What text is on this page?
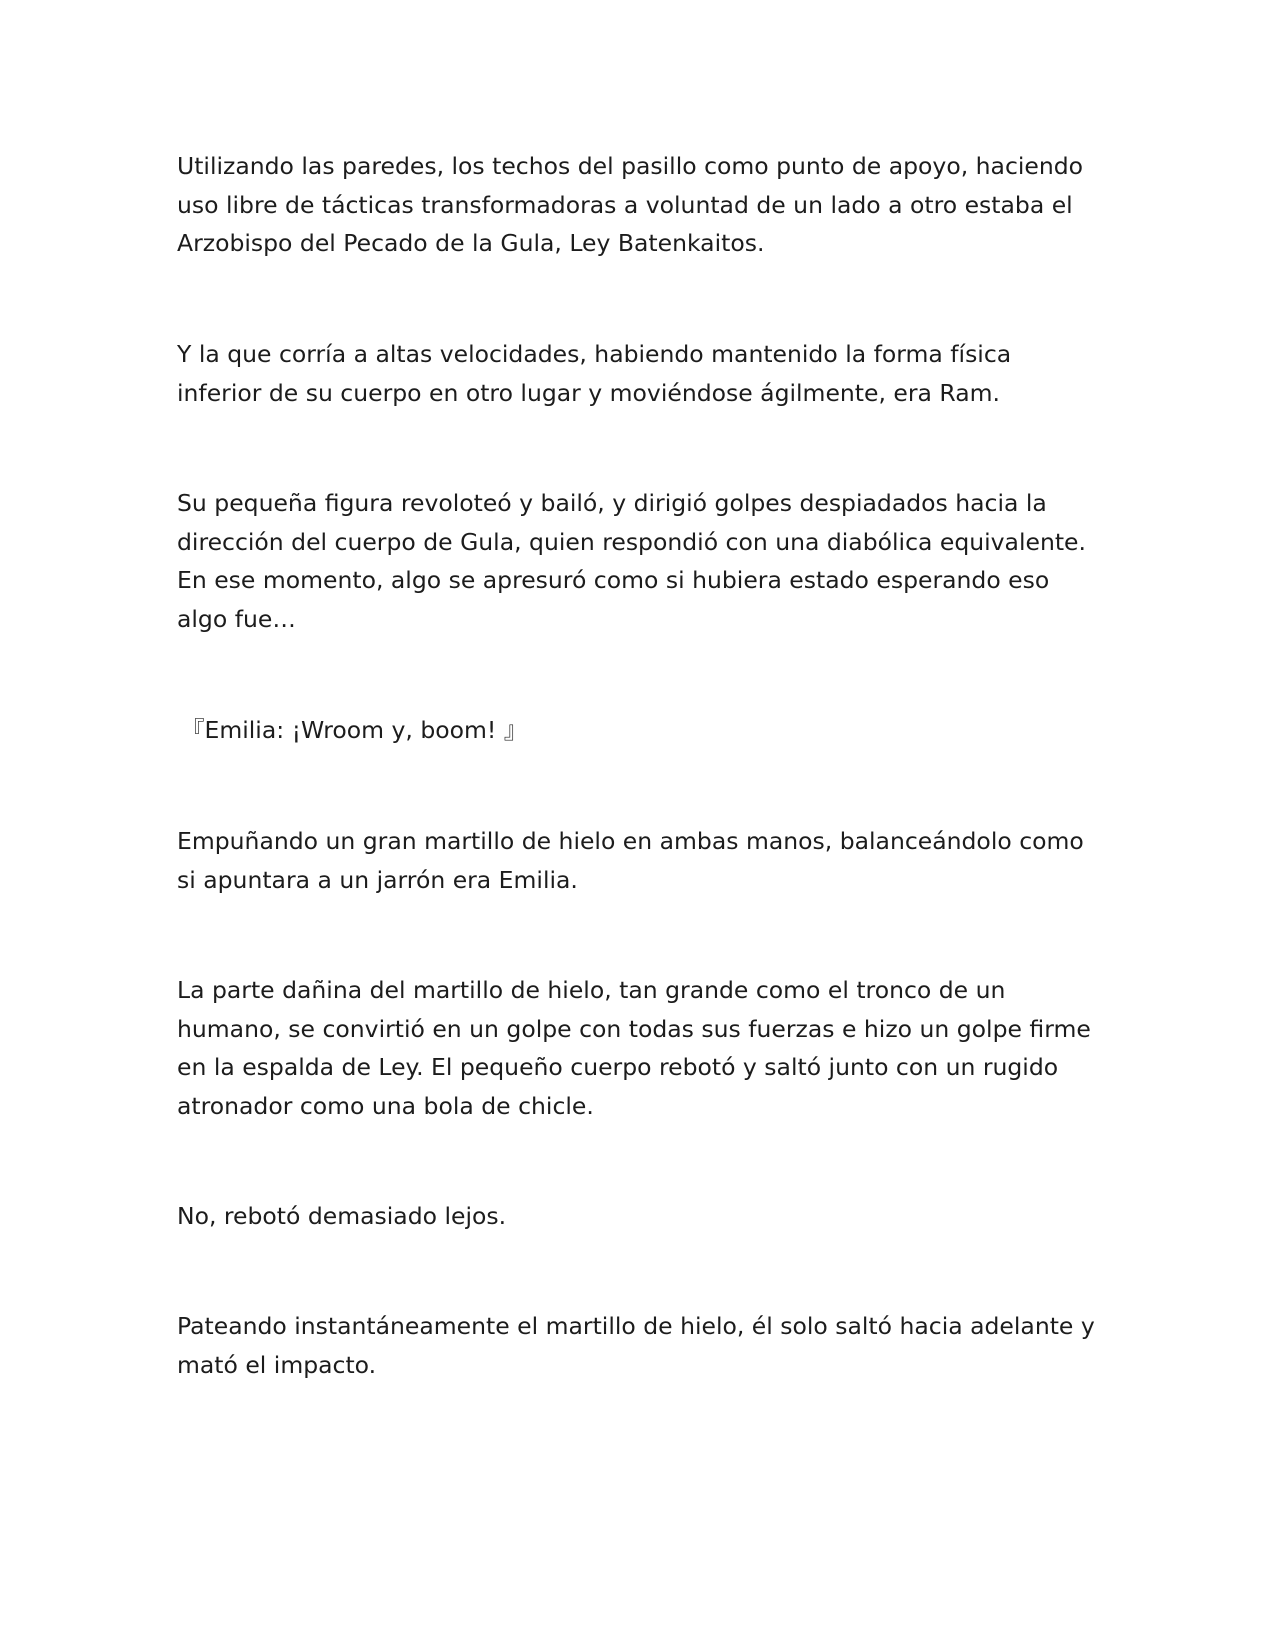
Utilizando las paredes, los techos del pasillo como punto de apoyo, haciendo
uso libre de tácticas transformadoras a voluntad de un lado a otro estaba el
Arzobispo del Pecado de la Gula, Ley Batenkaitos.
Y la que corría a altas velocidades, habiendo mantenido la forma física
inferior de su cuerpo en otro lugar y moviéndose ágilmente, era Ram.
Su pequeña figura revoloteó y bailó, y dirigió golpes despiadados hacia la
dirección del cuerpo de Gula, quien respondió con una diabólica equivalente.
En ese momento, algo se apresuró como si hubiera estado esperando eso
algo fue…
『Emilia: ¡Wroom y, boom! 』
Empuñando un gran martillo de hielo en ambas manos, balanceándolo como
si apuntara a un jarrón era Emilia.
La parte dañina del martillo de hielo, tan grande como el tronco de un
humano, se convirtió en un golpe con todas sus fuerzas e hizo un golpe firme
en la espalda de Ley. El pequeño cuerpo rebotó y saltó junto con un rugido
atronador como una bola de chicle.
No, rebotó demasiado lejos.
Pateando instantáneamente el martillo de hielo, él solo saltó hacia adelante y
mató el impacto.
